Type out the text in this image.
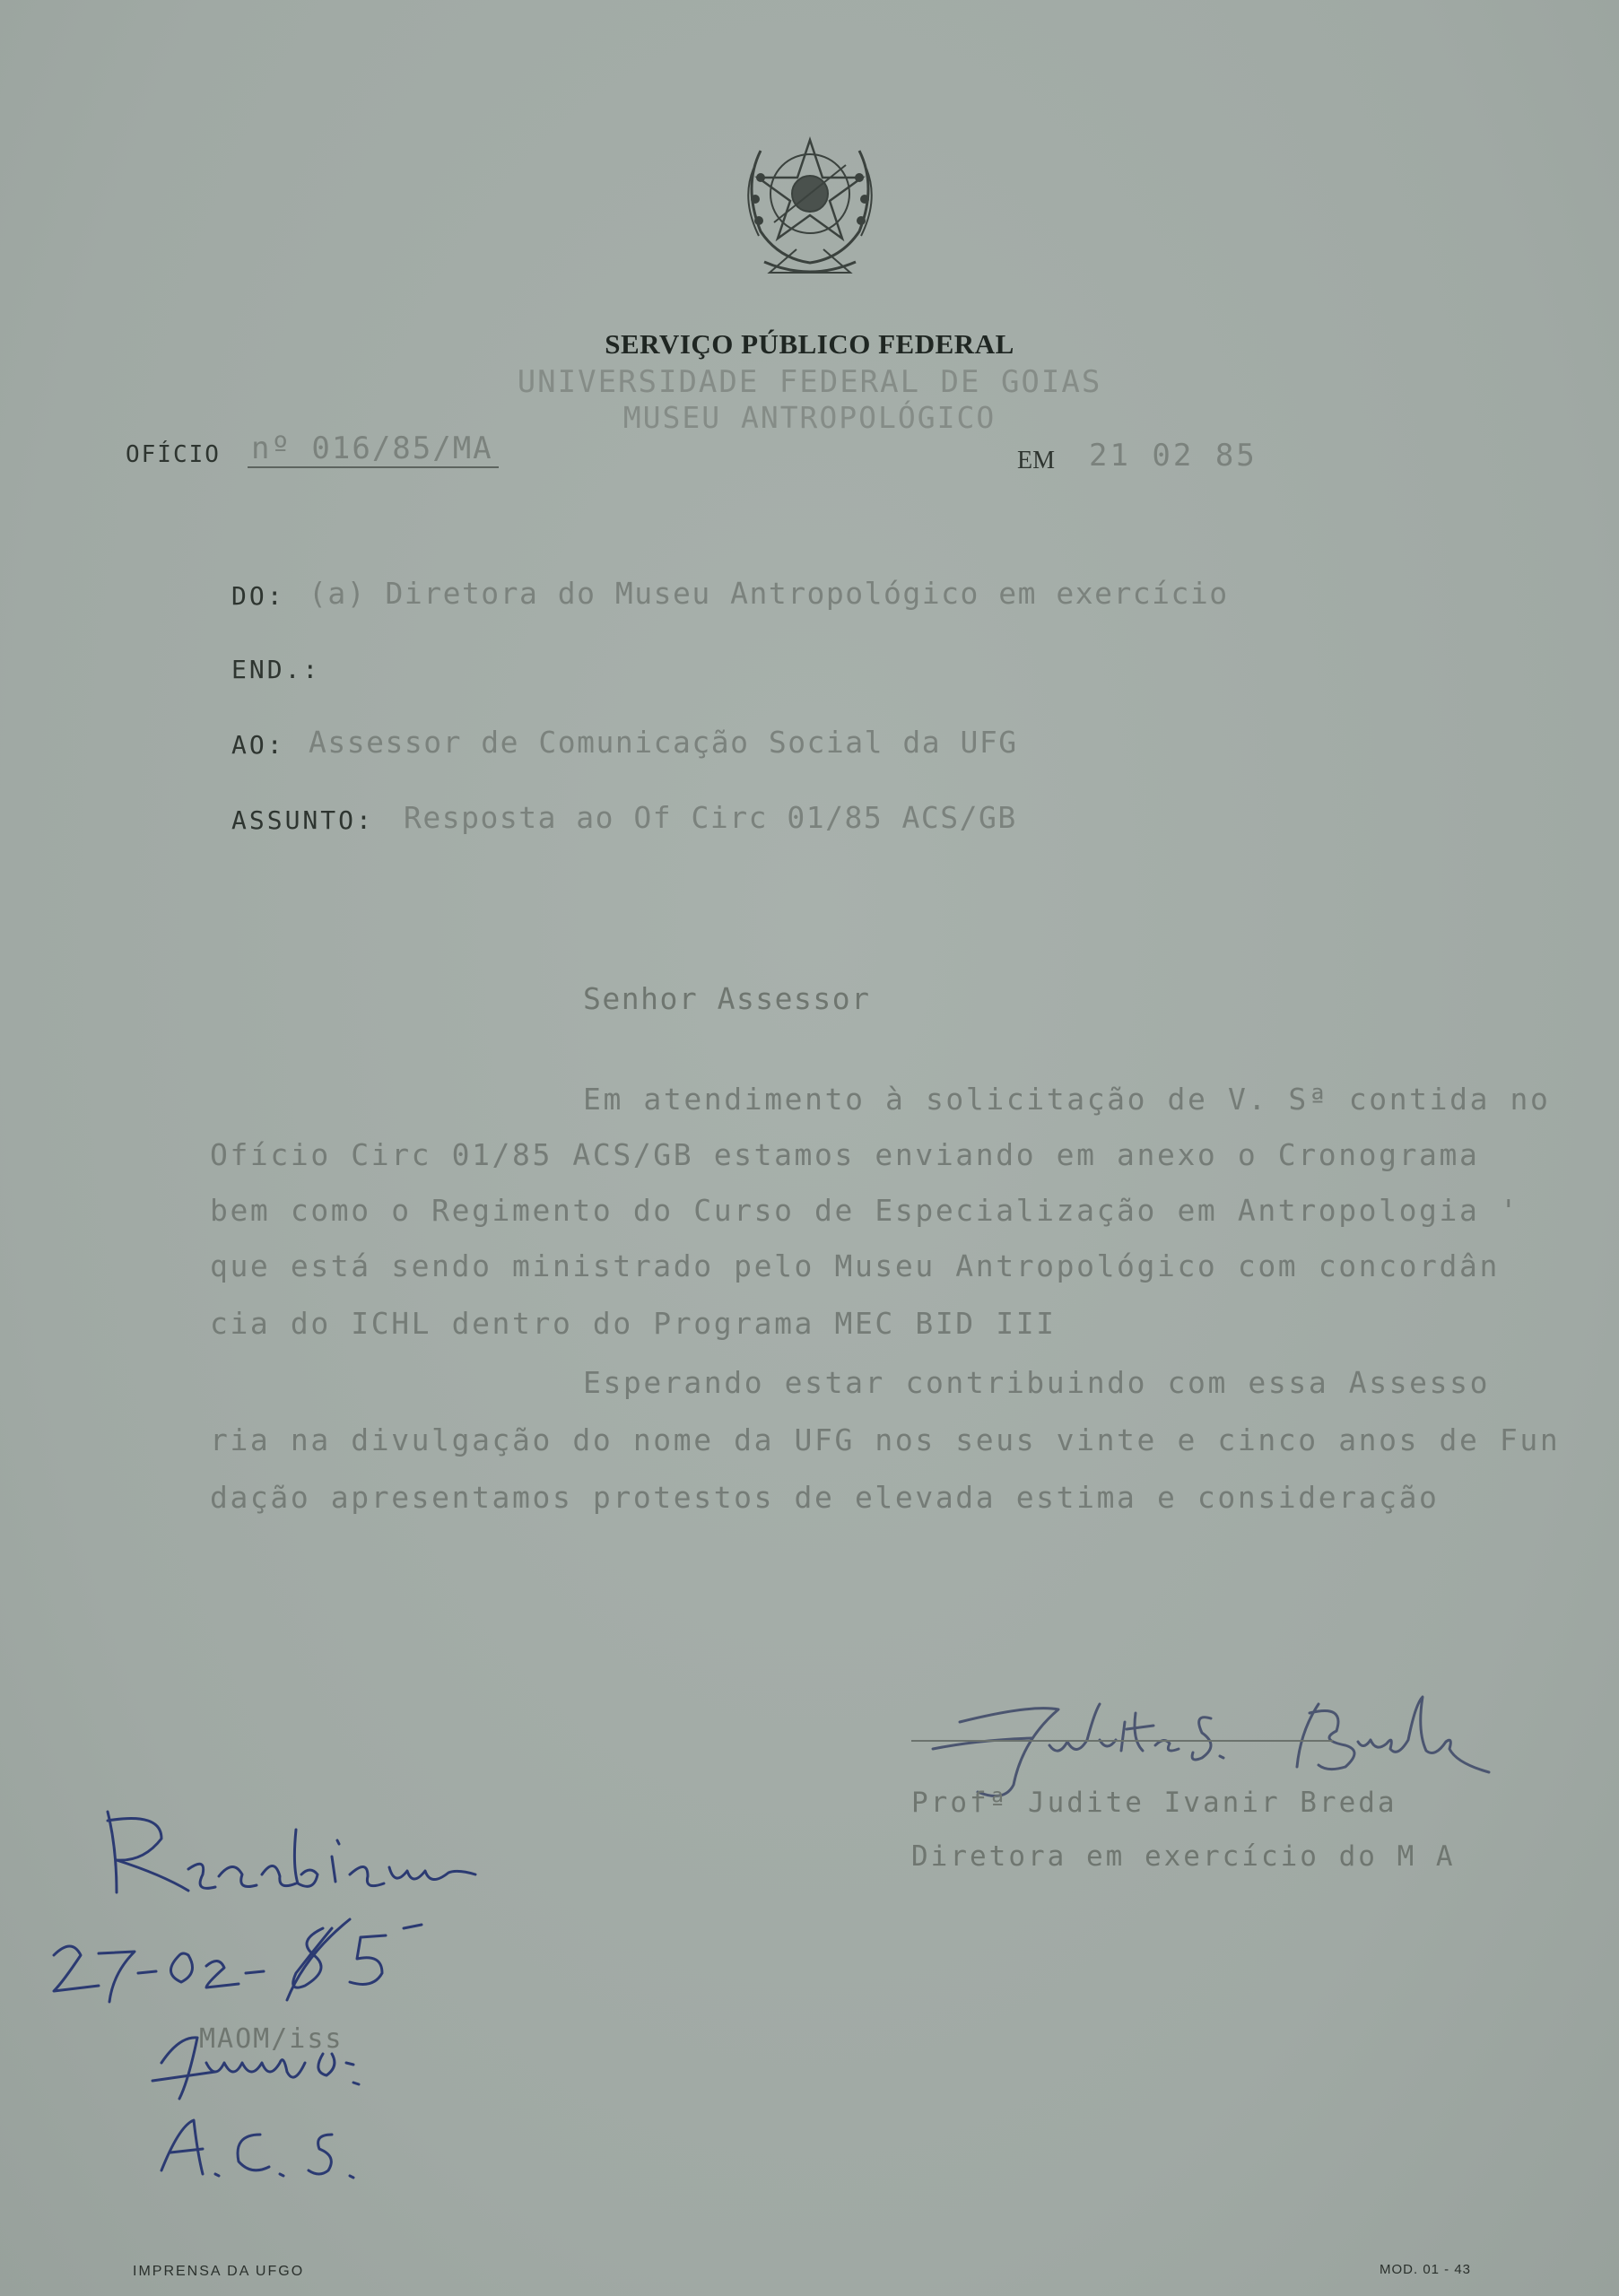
SERVIÇO PÚBLICO FEDERAL
UNIVERSIDADE FEDERAL DE GOIAS
MUSEU ANTROPOLÓGICO
OFÍCIO nº 016/85/MA	EM 21 02 85
DO: (a) Diretora do Museu Antropológico em exercício
END.:
AO: Assessor de Comunicação Social da UFG
ASSUNTO: Resposta ao Of Circ 01/85 ACS/GB
Senhor Assessor
Em atendimento à solicitação de V. Sª contida no
Ofício Circ 01/85 ACS/GB estamos enviando em anexo o Cronograma
bem como o Regimento do Curso de Especialização em Antropologia '
que está sendo ministrado pelo Museu Antropológico com concordân
cia do ICHL dentro do Programa MEC BID III
Esperando estar contribuindo com essa Assesso
ria na divulgação do nome da UFG nos seus vinte e cinco anos de Fun
dação apresentamos protestos de elevada estima e consideração
Profª Judite Ivanir Breda
Diretora em exercício do M A
MAOM/iss
IMPRENSA DA UFGO	MOD. 01 - 43
